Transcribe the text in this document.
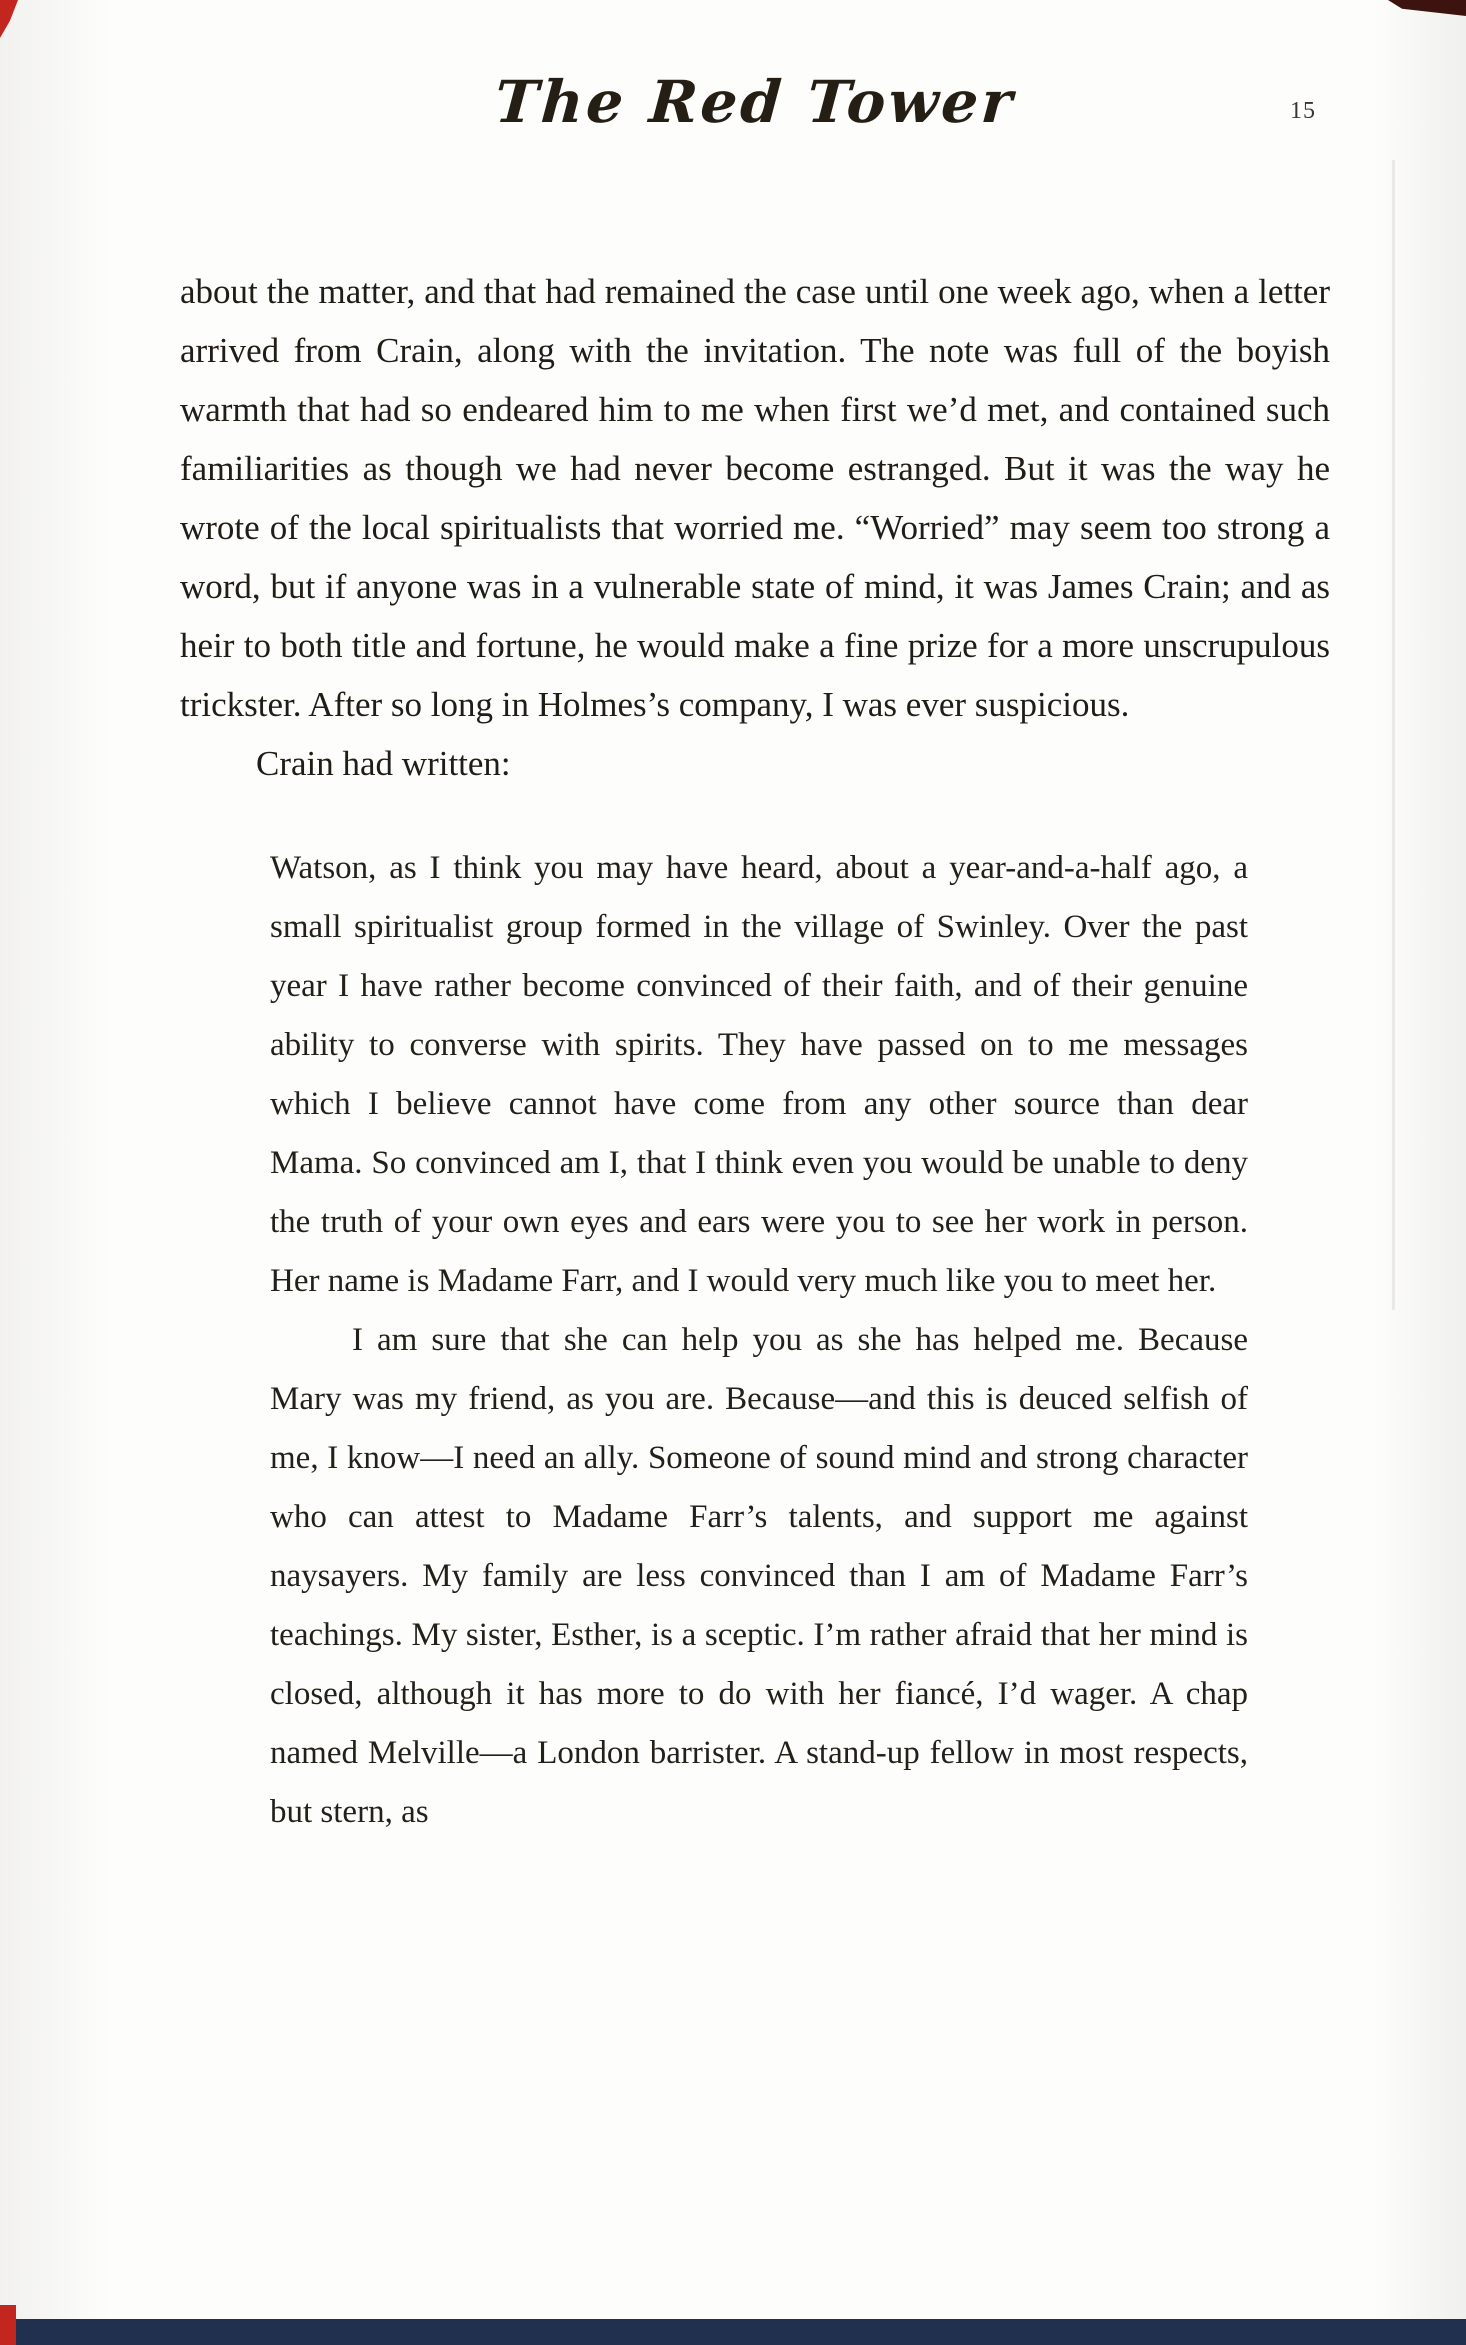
The Red Tower	15

about the matter, and that had remained the case until one week ago, when a letter arrived from Crain, along with the invitation. The note was full of the boyish warmth that had so endeared him to me when first we’d met, and contained such familiarities as though we had never become estranged. But it was the way he wrote of the local spiritualists that worried me. “Worried” may seem too strong a word, but if anyone was in a vulnerable state of mind, it was James Crain; and as heir to both title and fortune, he would make a fine prize for a more unscrupulous trickster. After so long in Holmes’s company, I was ever suspicious.

Crain had written:

Watson, as I think you may have heard, about a year-and-a-half ago, a small spiritualist group formed in the village of Swinley. Over the past year I have rather become convinced of their faith, and of their genuine ability to converse with spirits. They have passed on to me messages which I believe cannot have come from any other source than dear Mama. So convinced am I, that I think even you would be unable to deny the truth of your own eyes and ears were you to see her work in person. Her name is Madame Farr, and I would very much like you to meet her.

I am sure that she can help you as she has helped me. Because Mary was my friend, as you are. Because—and this is deuced selfish of me, I know—I need an ally. Someone of sound mind and strong character who can attest to Madame Farr’s talents, and support me against naysayers. My family are less convinced than I am of Madame Farr’s teachings. My sister, Esther, is a sceptic. I’m rather afraid that her mind is closed, although it has more to do with her fiancé, I’d wager. A chap named Melville—a London barrister. A stand-up fellow in most respects, but stern, as
